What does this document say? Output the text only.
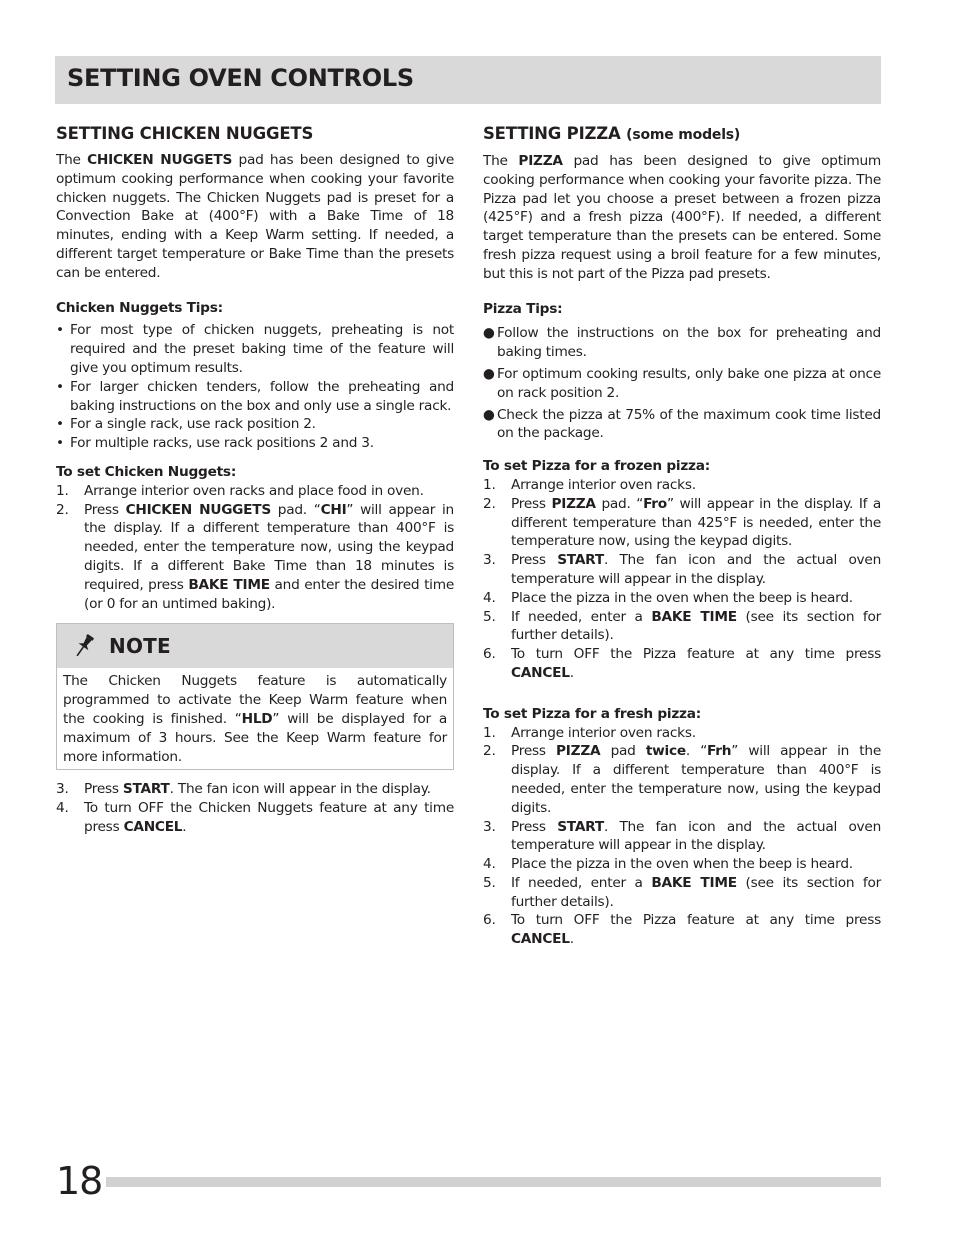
SETTING OVEN CONTROLS
SETTING CHICKEN NUGGETS

The CHICKEN NUGGETS pad has been designed to give optimum cooking performance when cooking your favorite chicken nuggets. The Chicken Nuggets pad is preset for a Convection Bake at (400°F) with a Bake Time of 18 minutes, ending with a Keep Warm setting. If needed, a different target temperature or Bake Time than the presets can be entered.

Chicken Nuggets Tips:
• For most type of chicken nuggets, preheating is not required and the preset baking time of the feature will give you optimum results.
• For larger chicken tenders, follow the preheating and baking instructions on the box and only use a single rack.
• For a single rack, use rack position 2.
• For multiple racks, use rack positions 2 and 3.
To set Chicken Nuggets:
1. Arrange interior oven racks and place food in oven.
2. Press CHICKEN NUGGETS pad. “CHI” will appear in the display. If a different temperature than 400°F is needed, enter the temperature now, using the keypad digits. If a different Bake Time than 18 minutes is required, press BAKE TIME and enter the desired time (or 0 for an untimed baking).
NOTE
The Chicken Nuggets feature is automatically programmed to activate the Keep Warm feature when the cooking is finished. “HLD” will be displayed for a maximum of 3 hours. See the Keep Warm feature for more information.
3. Press START. The fan icon will appear in the display.
4. To turn OFF the Chicken Nuggets feature at any time press CANCEL.
SETTING PIZZA (some models)

The PIZZA pad has been designed to give optimum cooking performance when cooking your favorite pizza. The Pizza pad let you choose a preset between a frozen pizza (425°F) and a fresh pizza (400°F). If needed, a different target temperature than the presets can be entered. Some fresh pizza request using a broil feature for a few minutes, but this is not part of the Pizza pad presets.

Pizza Tips:
● Follow the instructions on the box for preheating and baking times.
● For optimum cooking results, only bake one pizza at once on rack position 2.
● Check the pizza at 75% of the maximum cook time listed on the package.
To set Pizza for a frozen pizza:
1. Arrange interior oven racks.
2. Press PIZZA pad. “Fro” will appear in the display. If a different temperature than 425°F is needed, enter the temperature now, using the keypad digits.
3. Press START. The fan icon and the actual oven temperature will appear in the display.
4. Place the pizza in the oven when the beep is heard.
5. If needed, enter a BAKE TIME (see its section for further details).
6. To turn OFF the Pizza feature at any time press CANCEL.
To set Pizza for a fresh pizza:
1. Arrange interior oven racks.
2. Press PIZZA pad twice. “Frh” will appear in the display. If a different temperature than 400°F is needed, enter the temperature now, using the keypad digits.
3. Press START. The fan icon and the actual oven temperature will appear in the display.
4. Place the pizza in the oven when the beep is heard.
5. If needed, enter a BAKE TIME (see its section for further details).
6. To turn OFF the Pizza feature at any time press CANCEL.
18
